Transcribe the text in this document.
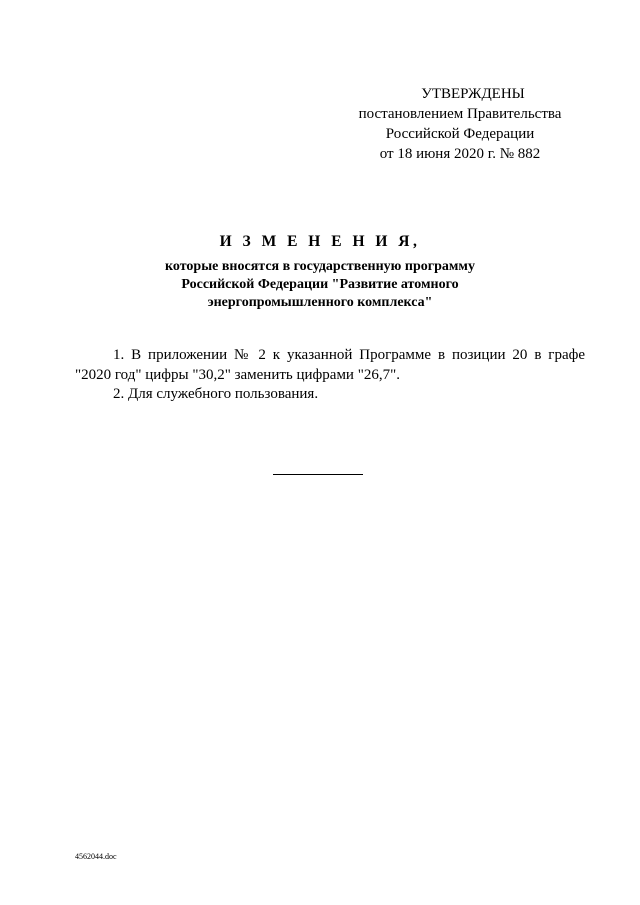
УТВЕРЖДЕНЫ
постановлением Правительства
Российской Федерации
от 18 июня 2020 г. № 882
И З М Е Н Е Н И Я,
которые вносятся в государственную программу
Российской Федерации "Развитие атомного
энергопромышленного комплекса"
1. В приложении № 2 к указанной Программе в позиции 20 в графе
"2020 год" цифры "30,2" заменить цифрами "26,7".
2. Для служебного пользования.
4562044.doc
